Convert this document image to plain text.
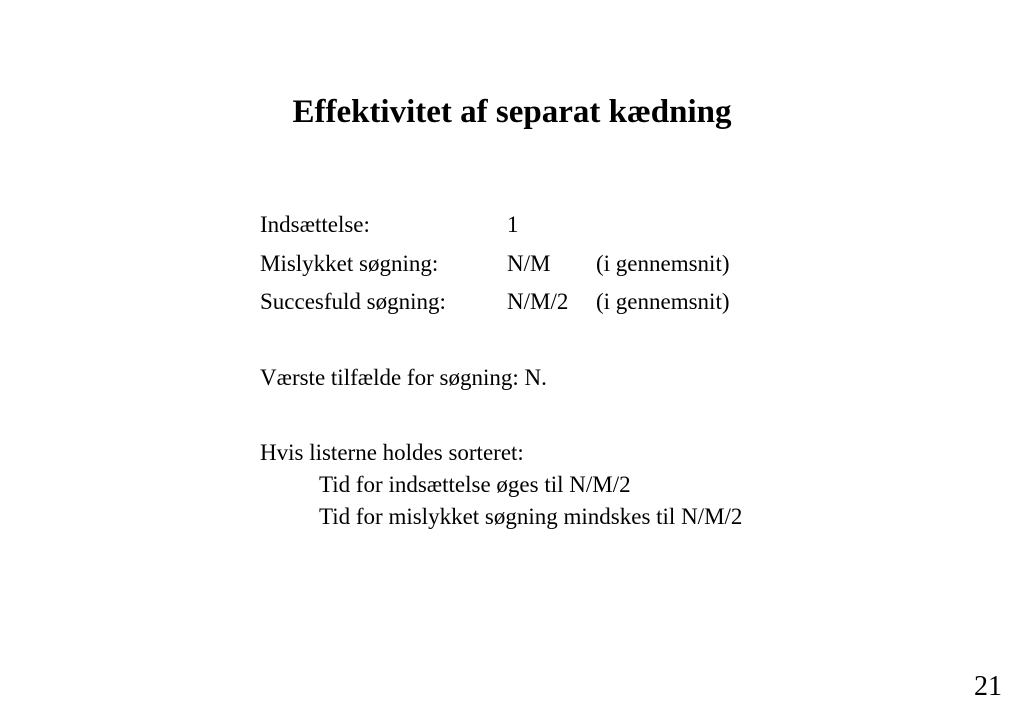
Effektivitet af separat kædning
Indsættelse:	1
Mislykket søgning:	N/M (i gennemsnit)
Succesfuld søgning:	N/M/2 (i gennemsnit)
Værste tilfælde for søgning: N.
Hvis listerne holdes sorteret:
Tid for indsættelse øges til N/M/2
Tid for mislykket søgning mindskes til N/M/2
21
